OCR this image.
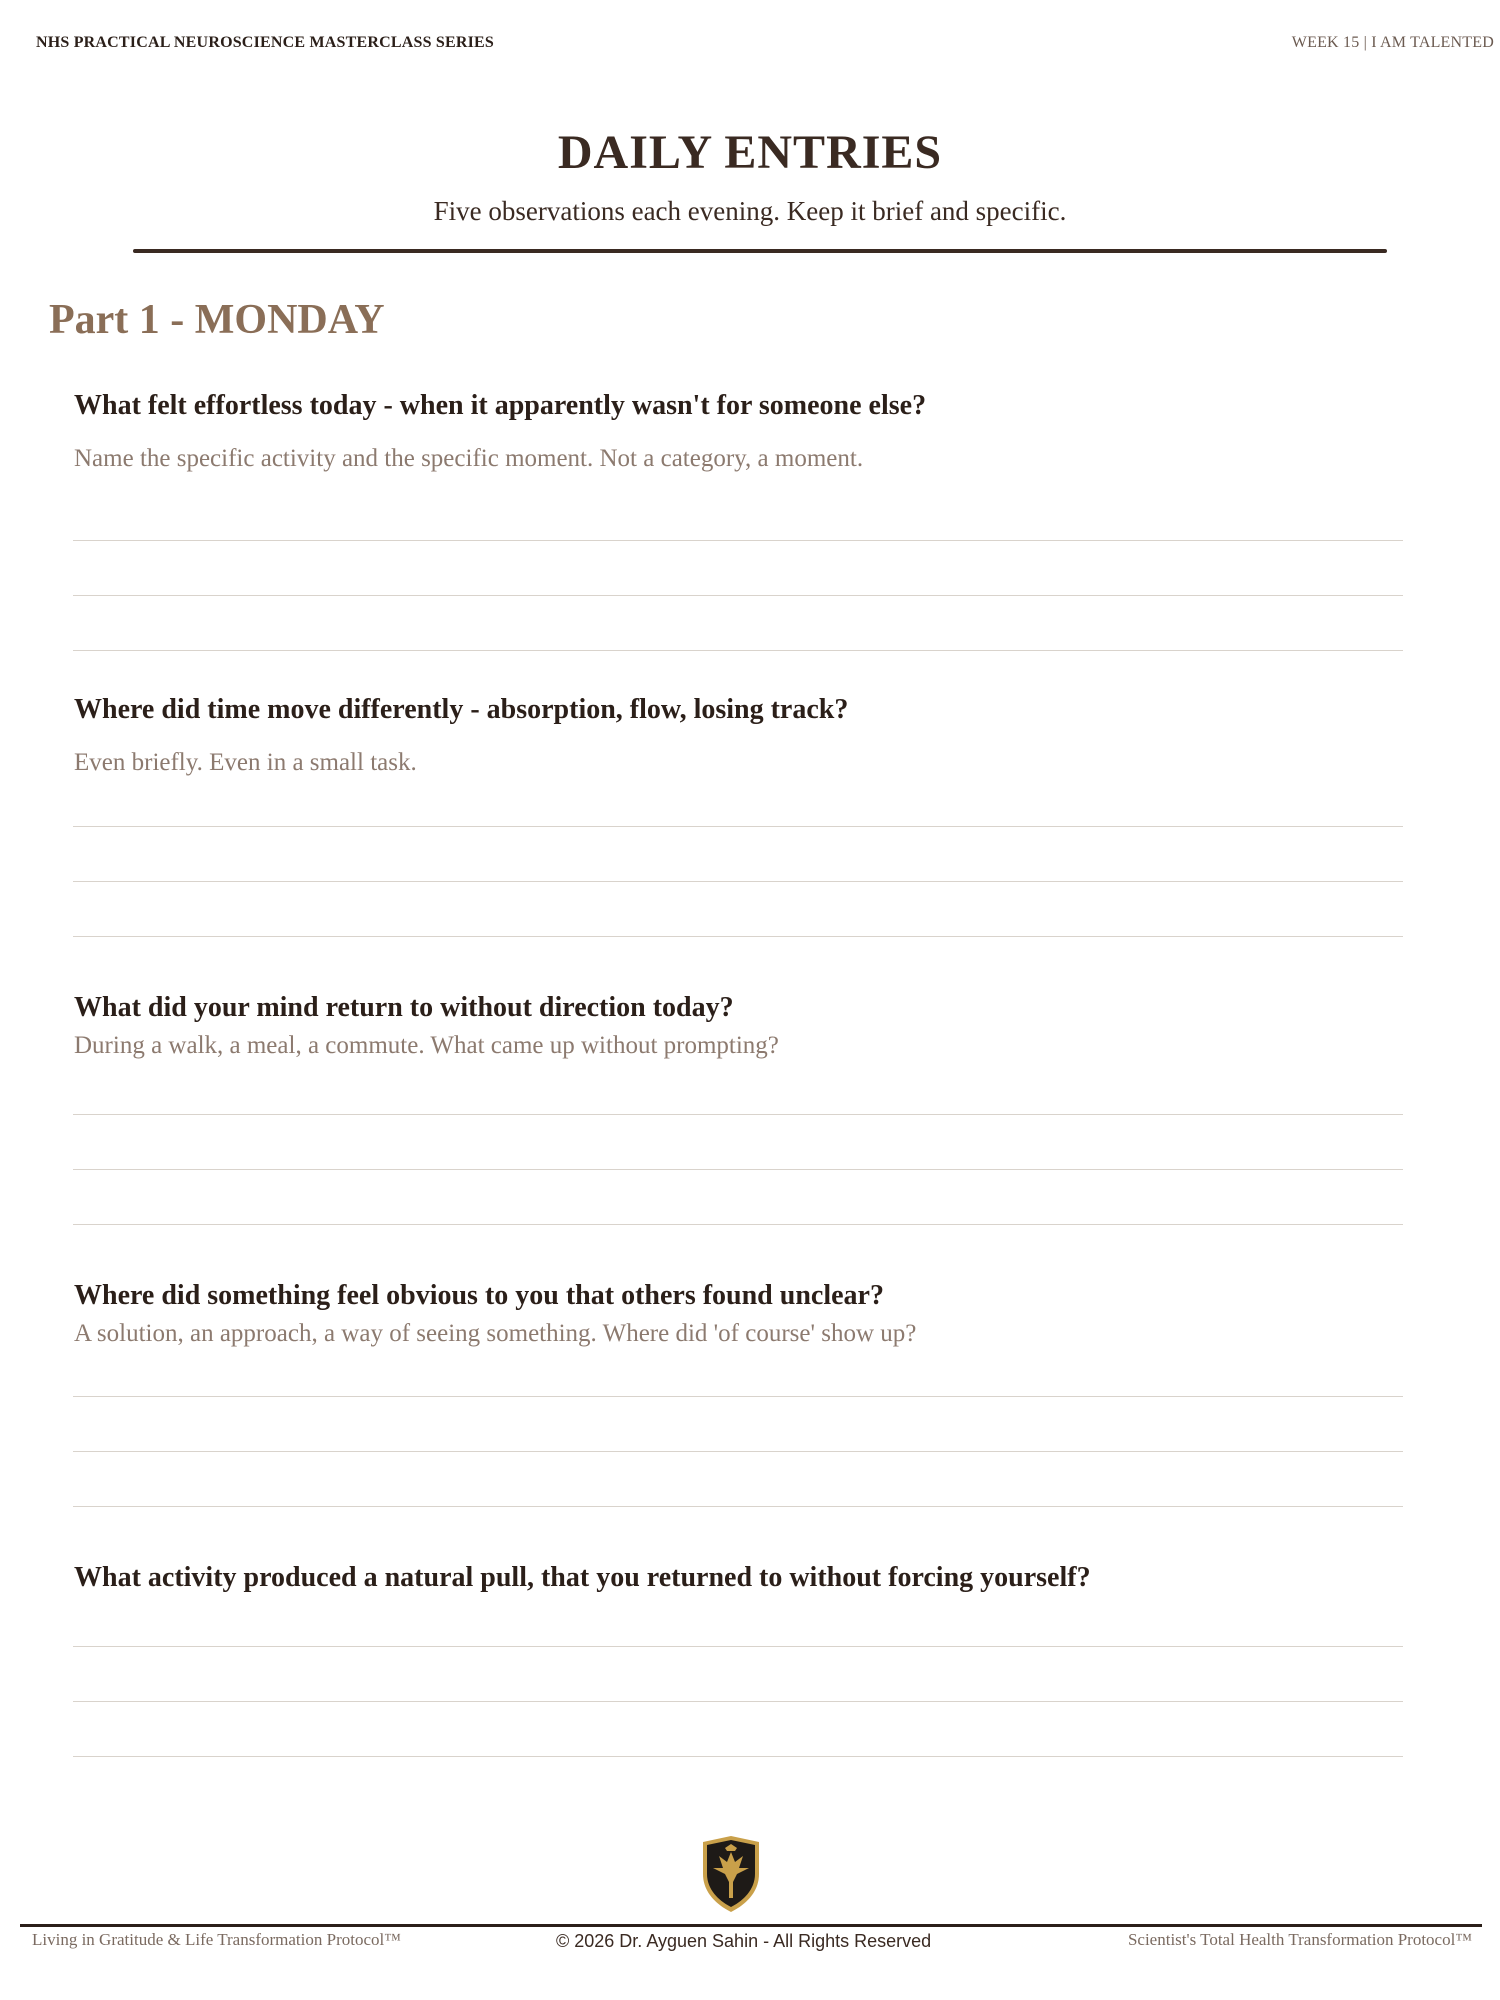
NHS PRACTICAL NEUROSCIENCE MASTERCLASS SERIES	WEEK 15 | I AM TALENTED
DAILY ENTRIES
Five observations each evening. Keep it brief and specific.
Part 1 - MONDAY
What felt effortless today - when it apparently wasn't for someone else?
Name the specific activity and the specific moment. Not a category, a moment.
Where did time move differently - absorption, flow, losing track?
Even briefly. Even in a small task.
What did your mind return to without direction today?
During a walk, a meal, a commute. What came up without prompting?
Where did something feel obvious to you that others found unclear?
A solution, an approach, a way of seeing something. Where did 'of course' show up?
What activity produced a natural pull, that you returned to without forcing yourself?
Living in Gratitude & Life Transformation Protocol™	© 2026 Dr. Ayguen Sahin - All Rights Reserved	Scientist's Total Health Transformation Protocol™
